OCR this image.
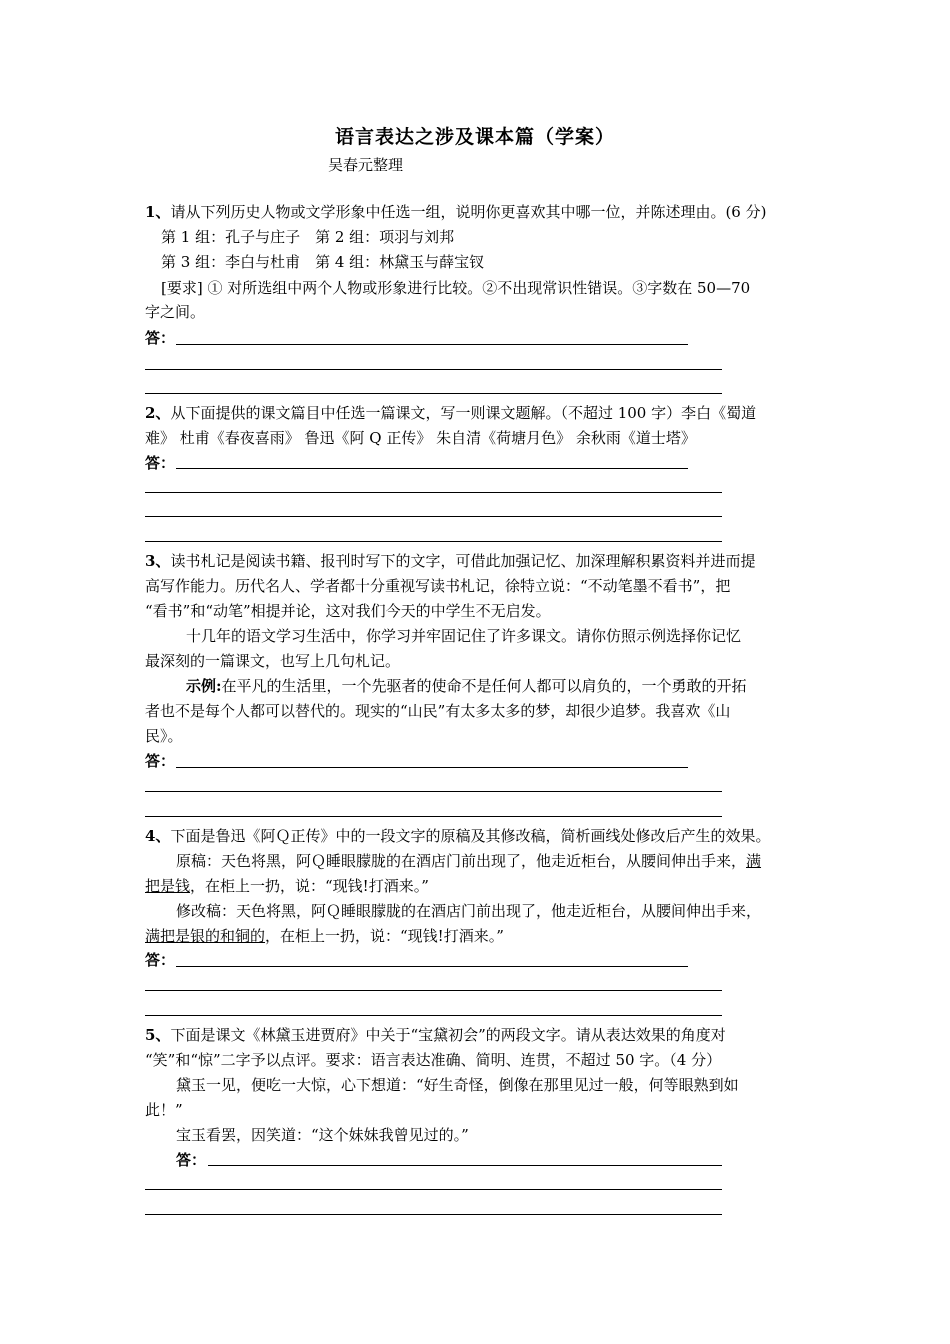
语言表达之涉及课本篇（学案）
吴春元整理
1、请从下列历史人物或文学形象中任选一组，说明你更喜欢其中哪一位，并陈述理由。(6 分)
第 1 组：孔子与庄子　第 2 组：项羽与刘邦
第 3 组：李白与杜甫　第 4 组：林黛玉与薛宝钗
[要求] ① 对所选组中两个人物或形象进行比较。②不出现常识性错误。③字数在 50—70
字之间。
答：
2、从下面提供的课文篇目中任选一篇课文，写一则课文题解。（不超过 100 字）李白《蜀道
难》 杜甫《春夜喜雨》 鲁迅《阿 Q 正传》 朱自清《荷塘月色》 余秋雨《道士塔》
答：
3、读书札记是阅读书籍、报刊时写下的文字，可借此加强记忆、加深理解积累资料并进而提
高写作能力。历代名人、学者都十分重视写读书札记，徐特立说：“不动笔墨不看书”，把
“看书”和“动笔”相提并论，这对我们今天的中学生不无启发。
十几年的语文学习生活中，你学习并牢固记住了许多课文。请你仿照示例选择你记忆
最深刻的一篇课文，也写上几句札记。
示例:在平凡的生活里，一个先驱者的使命不是任何人都可以肩负的，一个勇敢的开拓
者也不是每个人都可以替代的。现实的“山民”有太多太多的梦，却很少追梦。我喜欢《山
民》。
答：
4、下面是鲁迅《阿Ｑ正传》中的一段文字的原稿及其修改稿，简析画线处修改后产生的效果。
原稿：天色将黑，阿Ｑ睡眼朦胧的在酒店门前出现了，他走近柜台，从腰间伸出手来，满
把是钱，在柜上一扔，说：“现钱!打酒来。”
修改稿：天色将黑，阿Ｑ睡眼朦胧的在酒店门前出现了，他走近柜台，从腰间伸出手来，
满把是银的和铜的，在柜上一扔，说：“现钱!打酒来。”
答：
5、下面是课文《林黛玉进贾府》中关于“宝黛初会”的两段文字。请从表达效果的角度对
“笑”和“惊”二字予以点评。要求：语言表达准确、简明、连贯，不超过 50 字。（4 分）
黛玉一见，便吃一大惊，心下想道：“好生奇怪，倒像在那里见过一般，何等眼熟到如
此！”
宝玉看罢，因笑道：“这个妹妹我曾见过的。”
答：
